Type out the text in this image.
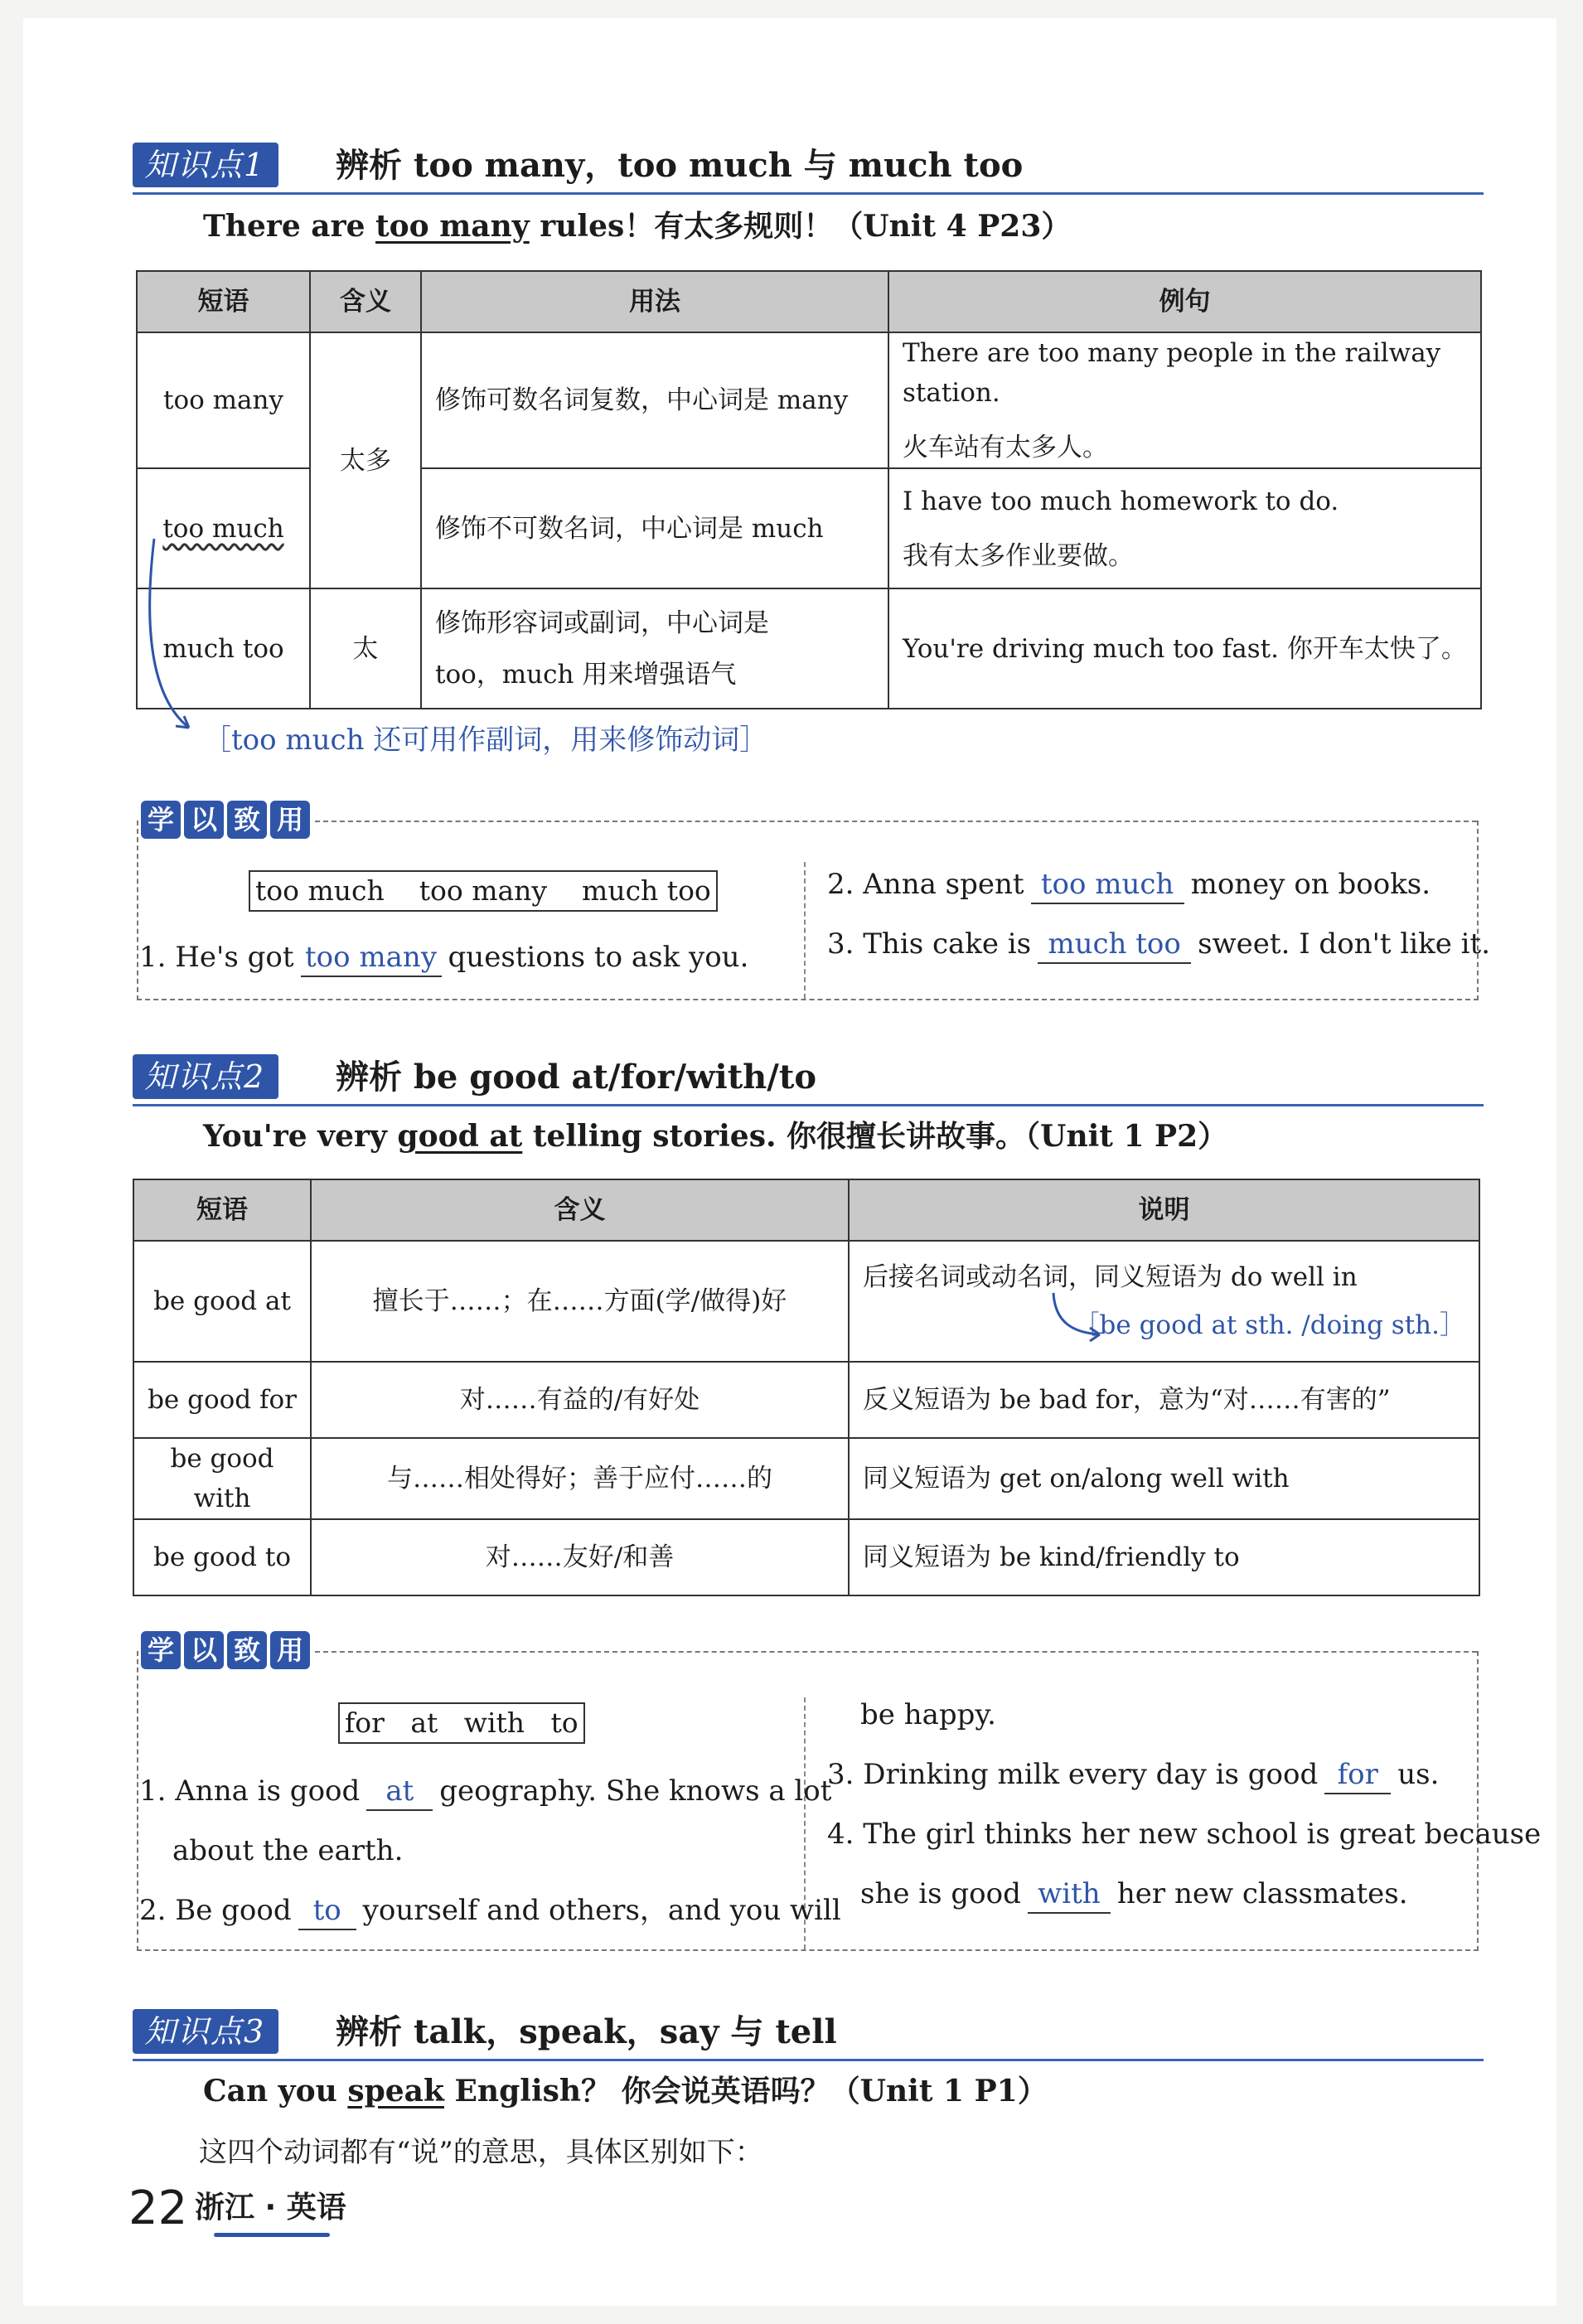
知识点1	辨析 too many，too much 与 much too
There are too many rules！有太多规则！（Unit 4 P23）
短语	含义	用法	例句
too many	太多	修饰可数名词复数，中心词是 many	There are too many people in the railway station.
火车站有太多人。

too much		修饰不可数名词，中心词是 much	I have too much homework to do.
我有太多作业要做。

much too	太	修饰形容词或副词，中心词是
too，much 用来增强语气	You're driving much too fast. 你开车太快了。
［too much 还可用作副词，用来修饰动词］
学 以 致 用
too much    too many    much too
1. He's got too many questions to ask you.
2. Anna spent too much money on books.
3. This cake is much too sweet. I don't like it.
知识点2	辨析 be good at/for/with/to
You're very good at telling stories. 你很擅长讲故事。（Unit 1 P2）
短语	含义	说明
be good at	擅长于……；在……方面(学/做得)好	后接名词或动名词，同义短语为 do well in
［be good at sth. /doing sth.］

be good for	对……有益的/有好处	反义短语为 be bad for，意为“对……有害的”
be good with	与……相处得好；善于应付……的	同义短语为 get on/along well with
be good to	对……友好/和善	同义短语为 be kind/friendly to
学 以 致 用
for   at   with   to
1. Anna is good at geography. She knows a lot
about the earth.
2. Be good to yourself and others，and you will
be happy.
3. Drinking milk every day is good for us.
4. The girl thinks her new school is great because
she is good with her new classmates.
知识点3	辨析 talk，speak，say 与 tell
Can you speak English？ 你会说英语吗？（Unit 1 P1）
这四个动词都有“说”的意思，具体区别如下：
22 浙江 · 英语
